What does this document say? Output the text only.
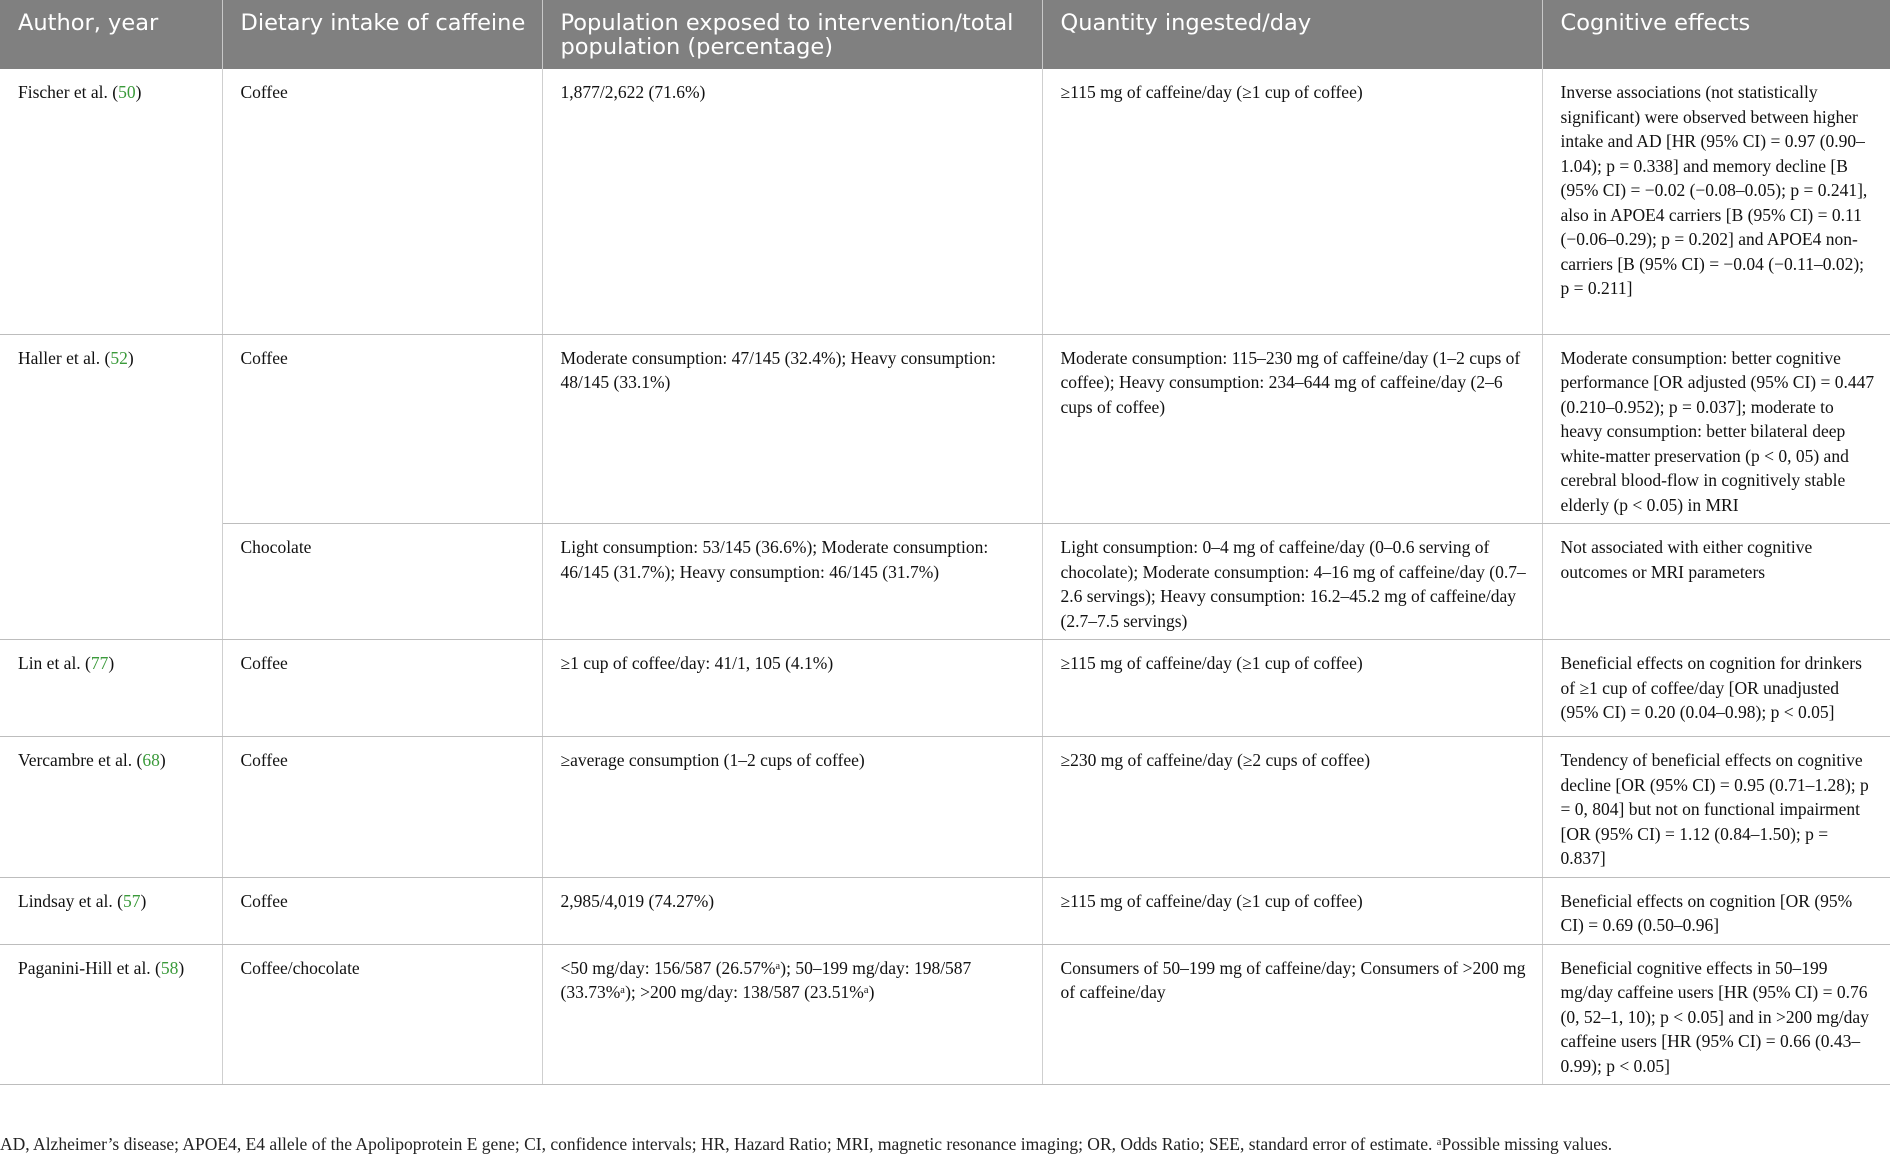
Author, year	Dietary intake of caffeine	Population exposed to intervention/total population (percentage)	Quantity ingested/day	Cognitive effects
Fischer et al. (50)	Coffee	1,877/2,622 (71.6%)	≥115 mg of caffeine/day (≥1 cup of coffee)	Inverse associations (not statistically significant) were observed between higher intake and AD [HR (95% CI) = 0.97 (0.90–1.04); p = 0.338] and memory decline [B (95% CI) = −0.02 (−0.08–0.05); p = 0.241], also in APOE4 carriers [B (95% CI) = 0.11 (−0.06–0.29); p = 0.202] and APOE4 non-carriers [B (95% CI) = −0.04 (−0.11–0.02); p = 0.211]
Haller et al. (52)	Coffee	Moderate consumption: 47/145 (32.4%); Heavy consumption: 48/145 (33.1%)	Moderate consumption: 115–230 mg of caffeine/day (1–2 cups of coffee); Heavy consumption: 234–644 mg of caffeine/day (2–6 cups of coffee)	Moderate consumption: better cognitive performance [OR adjusted (95% CI) = 0.447 (0.210–0.952); p = 0.037]; moderate to heavy consumption: better bilateral deep white-matter preservation (p < 0, 05) and cerebral blood-flow in cognitively stable elderly (p < 0.05) in MRI
	Chocolate	Light consumption: 53/145 (36.6%); Moderate consumption: 46/145 (31.7%); Heavy consumption: 46/145 (31.7%)	Light consumption: 0–4 mg of caffeine/day (0–0.6 serving of chocolate); Moderate consumption: 4–16 mg of caffeine/day (0.7–2.6 servings); Heavy consumption: 16.2–45.2 mg of caffeine/day (2.7–7.5 servings)	Not associated with either cognitive outcomes or MRI parameters
Lin et al. (77)	Coffee	≥1 cup of coffee/day: 41/1, 105 (4.1%)	≥115 mg of caffeine/day (≥1 cup of coffee)	Beneficial effects on cognition for drinkers of ≥1 cup of coffee/day [OR unadjusted (95% CI) = 0.20 (0.04–0.98); p < 0.05]
Vercambre et al. (68)	Coffee	≥average consumption (1–2 cups of coffee)	≥230 mg of caffeine/day (≥2 cups of coffee)	Tendency of beneficial effects on cognitive decline [OR (95% CI) = 0.95 (0.71–1.28); p = 0, 804] but not on functional impairment [OR (95% CI) = 1.12 (0.84–1.50); p = 0.837]
Lindsay et al. (57)	Coffee	2,985/4,019 (74.27%)	≥115 mg of caffeine/day (≥1 cup of coffee)	Beneficial effects on cognition [OR (95% CI) = 0.69 (0.50–0.96]
Paganini-Hill et al. (58)	Coffee/chocolate	<50 mg/day: 156/587 (26.57%ᵃ); 50–199 mg/day: 198/587 (33.73%ᵃ); >200 mg/day: 138/587 (23.51%ᵃ)	Consumers of 50–199 mg of caffeine/day; Consumers of >200 mg of caffeine/day	Beneficial cognitive effects in 50–199 mg/day caffeine users [HR (95% CI) = 0.76 (0, 52–1, 10); p < 0.05] and in >200 mg/day caffeine users [HR (95% CI) = 0.66 (0.43–0.99); p < 0.05]
AD, Alzheimer’s disease; APOE4, E4 allele of the Apolipoprotein E gene; CI, confidence intervals; HR, Hazard Ratio; MRI, magnetic resonance imaging; OR, Odds Ratio; SEE, standard error of estimate. ᵃPossible missing values.
